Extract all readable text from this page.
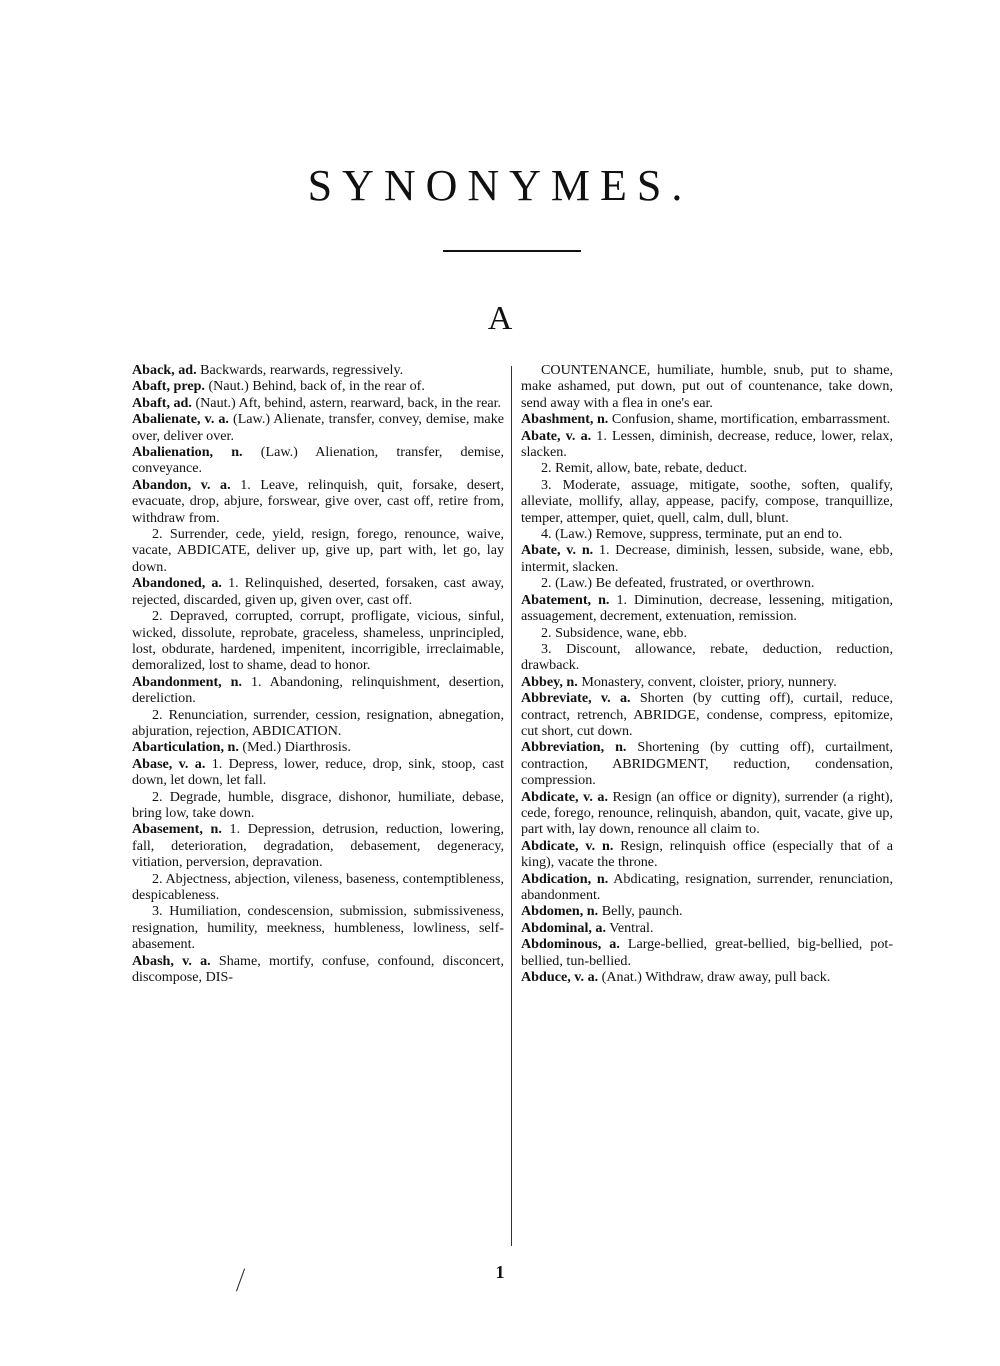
SYNONYMES.
A

Aback, ad. Backwards, rearwards, regressively.

Abaft, prep. (Naut.) Behind, back of, in the rear of.

Abaft, ad. (Naut.) Aft, behind, astern, rearward, back, in the rear.

Abalienate, v. a. (Law.) Alienate, transfer, convey, demise, make over, deliver over.

Abalienation, n. (Law.) Alienation, transfer, demise, conveyance.

Abandon, v. a. 1. Leave, relinquish, quit, forsake, desert, evacuate, drop, abjure, forswear, give over, cast off, retire from, withdraw from.

2. Surrender, cede, yield, resign, forego, renounce, waive, vacate, ABDICATE, deliver up, give up, part with, let go, lay down.

Abandoned, a. 1. Relinquished, deserted, forsaken, cast away, rejected, discarded, given up, given over, cast off.

2. Depraved, corrupted, corrupt, profligate, vicious, sinful, wicked, dissolute, reprobate, graceless, shameless, unprincipled, lost, obdurate, hardened, impenitent, incorrigible, irreclaimable, demoralized, lost to shame, dead to honor.

Abandonment, n. 1. Abandoning, relinquishment, desertion, dereliction.

2. Renunciation, surrender, cession, resignation, abnegation, abjuration, rejection, ABDICATION.

Abarticulation, n. (Med.) Diarthrosis.

Abase, v. a. 1. Depress, lower, reduce, drop, sink, stoop, cast down, let down, let fall.

2. Degrade, humble, disgrace, dishonor, humiliate, debase, bring low, take down.

Abasement, n. 1. Depression, detrusion, reduction, lowering, fall, deterioration, degradation, debasement, degeneracy, vitiation, perversion, depravation.

2. Abjectness, abjection, vileness, baseness, contemptibleness, despicableness.

3. Humiliation, condescension, submission, submissiveness, resignation, humility, meekness, humbleness, lowliness, self-abasement.

Abash, v. a. Shame, mortify, confuse, confound, disconcert, discompose, DIS-

COUNTENANCE, humiliate, humble, snub, put to shame, make ashamed, put down, put out of countenance, take down, send away with a flea in one's ear.

Abashment, n. Confusion, shame, mortification, embarrassment.

Abate, v. a. 1. Lessen, diminish, decrease, reduce, lower, relax, slacken.

2. Remit, allow, bate, rebate, deduct.

3. Moderate, assuage, mitigate, soothe, soften, qualify, alleviate, mollify, allay, appease, pacify, compose, tranquillize, temper, attemper, quiet, quell, calm, dull, blunt.

4. (Law.) Remove, suppress, terminate, put an end to.

Abate, v. n. 1. Decrease, diminish, lessen, subside, wane, ebb, intermit, slacken.

2. (Law.) Be defeated, frustrated, or overthrown.

Abatement, n. 1. Diminution, decrease, lessening, mitigation, assuagement, decrement, extenuation, remission.

2. Subsidence, wane, ebb.

3. Discount, allowance, rebate, deduction, reduction, drawback.

Abbey, n. Monastery, convent, cloister, priory, nunnery.

Abbreviate, v. a. Shorten (by cutting off), curtail, reduce, contract, retrench, ABRIDGE, condense, compress, epitomize, cut short, cut down.

Abbreviation, n. Shortening (by cutting off), curtailment, contraction, ABRIDGMENT, reduction, condensation, compression.

Abdicate, v. a. Resign (an office or dignity), surrender (a right), cede, forego, renounce, relinquish, abandon, quit, vacate, give up, part with, lay down, renounce all claim to.

Abdicate, v. n. Resign, relinquish office (especially that of a king), vacate the throne.

Abdication, n. Abdicating, resignation, surrender, renunciation, abandonment.

Abdomen, n. Belly, paunch.

Abdominal, a. Ventral.

Abdominous, a. Large-bellied, great-bellied, big-bellied, pot-bellied, tun-bellied.

Abduce, v. a. (Anat.) Withdraw, draw away, pull back.

1
